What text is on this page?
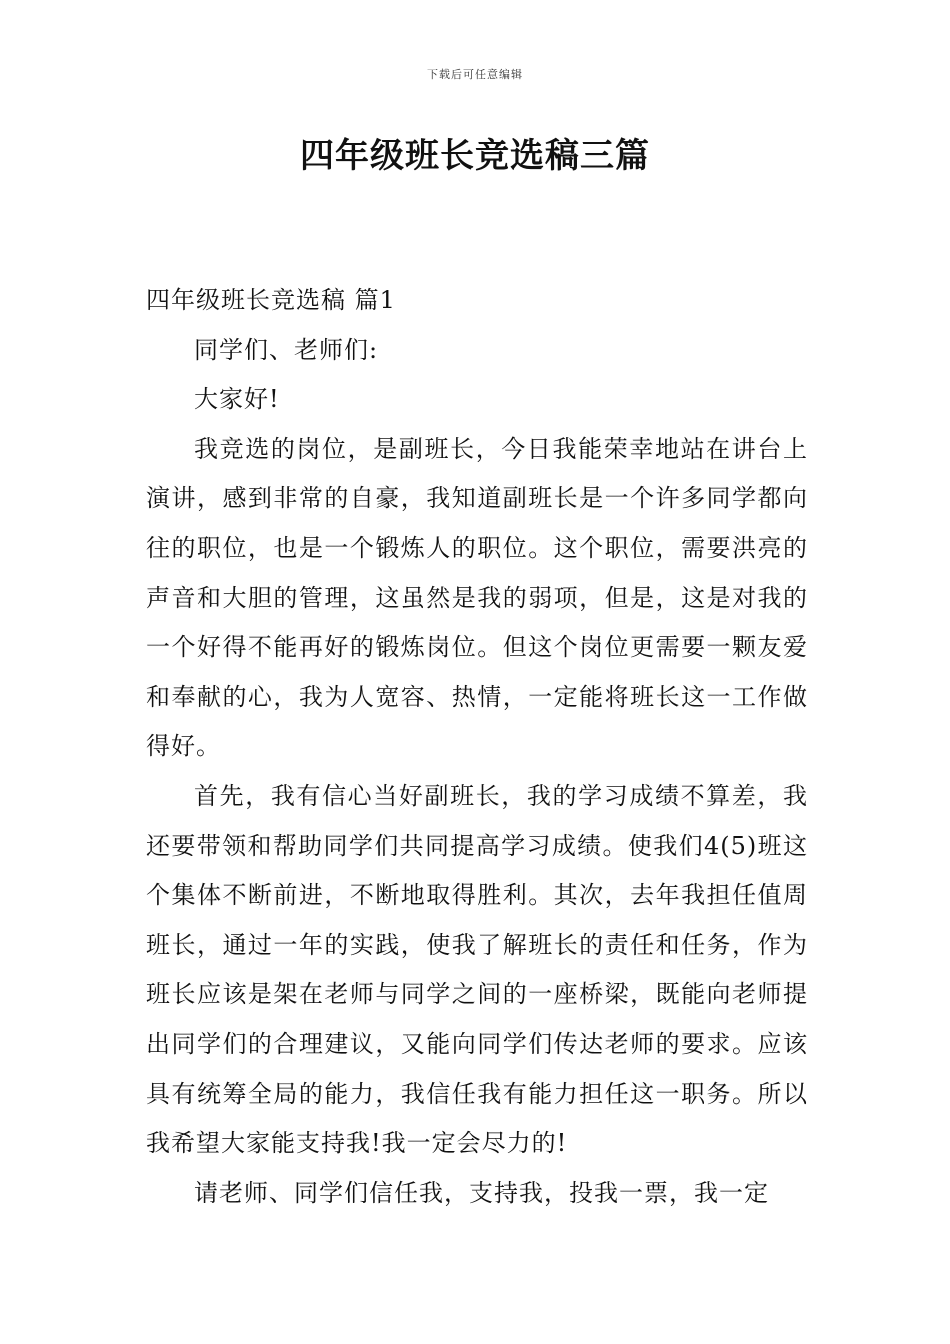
下载后可任意编辑
四年级班长竞选稿三篇

四年级班长竞选稿 篇1

同学们、老师们:

大家好!

我竞选的岗位，是副班长，今日我能荣幸地站在讲台上演讲，感到非常的自豪，我知道副班长是一个许多同学都向往的职位，也是一个锻炼人的职位。这个职位，需要洪亮的声音和大胆的管理，这虽然是我的弱项，但是，这是对我的一个好得不能再好的锻炼岗位。但这个岗位更需要一颗友爱和奉献的心，我为人宽容、热情，一定能将班长这一工作做得好。

首先，我有信心当好副班长，我的学习成绩不算差，我还要带领和帮助同学们共同提高学习成绩。使我们4(5)班这个集体不断前进，不断地取得胜利。其次，去年我担任值周班长，通过一年的实践，使我了解班长的责任和任务，作为班长应该是架在老师与同学之间的一座桥梁，既能向老师提出同学们的合理建议，又能向同学们传达老师的要求。应该具有统筹全局的能力，我信任我有能力担任这一职务。所以我希望大家能支持我!我一定会尽力的!

请老师、同学们信任我，支持我，投我一票，我一定
